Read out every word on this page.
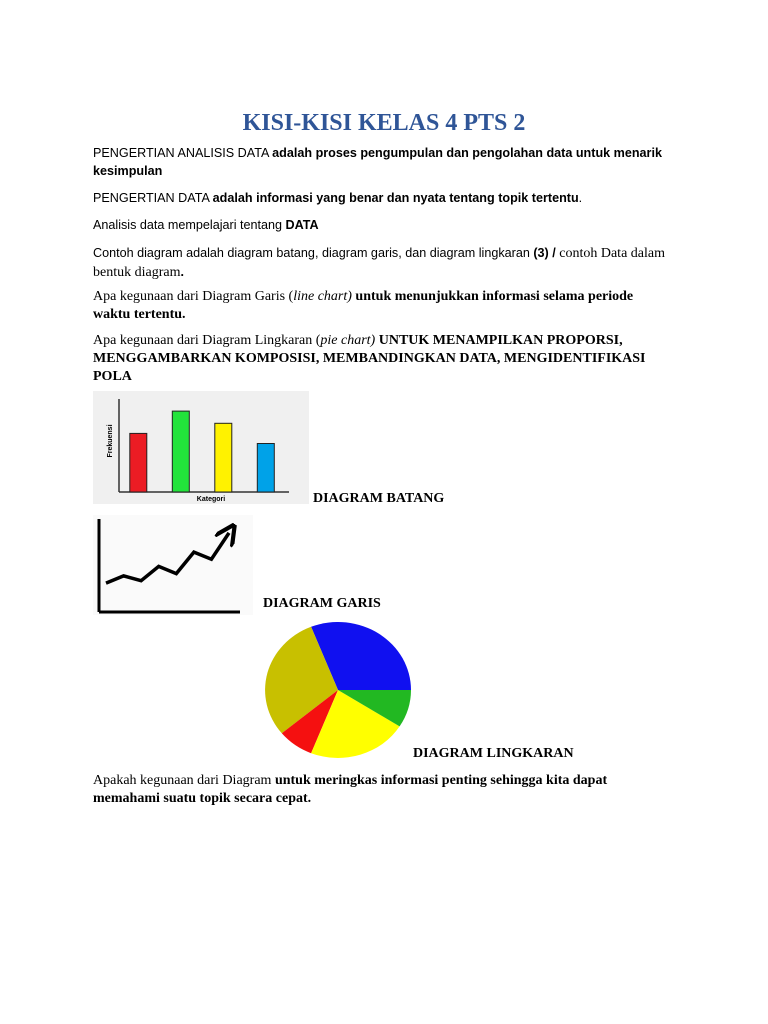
KISI-KISI KELAS 4 PTS 2
PENGERTIAN ANALISIS DATA adalah proses pengumpulan dan pengolahan data untuk menarik kesimpulan
PENGERTIAN DATA adalah informasi yang benar dan nyata tentang topik tertentu.
Analisis data mempelajari tentang DATA
Contoh diagram adalah diagram batang, diagram garis, dan diagram lingkaran (3) / contoh Data dalam bentuk diagram.
Apa kegunaan dari Diagram Garis (line chart) untuk menunjukkan informasi selama periode waktu tertentu.
Apa kegunaan dari Diagram Lingkaran (pie chart) UNTUK MENAMPILKAN PROPORSI, MENGGAMBARKAN KOMPOSISI, MEMBANDINGKAN DATA, MENGIDENTIFIKASI POLA
Frekuensi
Kategori	DIAGRAM BATANG
DIAGRAM GARIS
DIAGRAM LINGKARAN
Apakah kegunaan dari Diagram untuk meringkas informasi penting sehingga kita dapat memahami suatu topik secara cepat.
